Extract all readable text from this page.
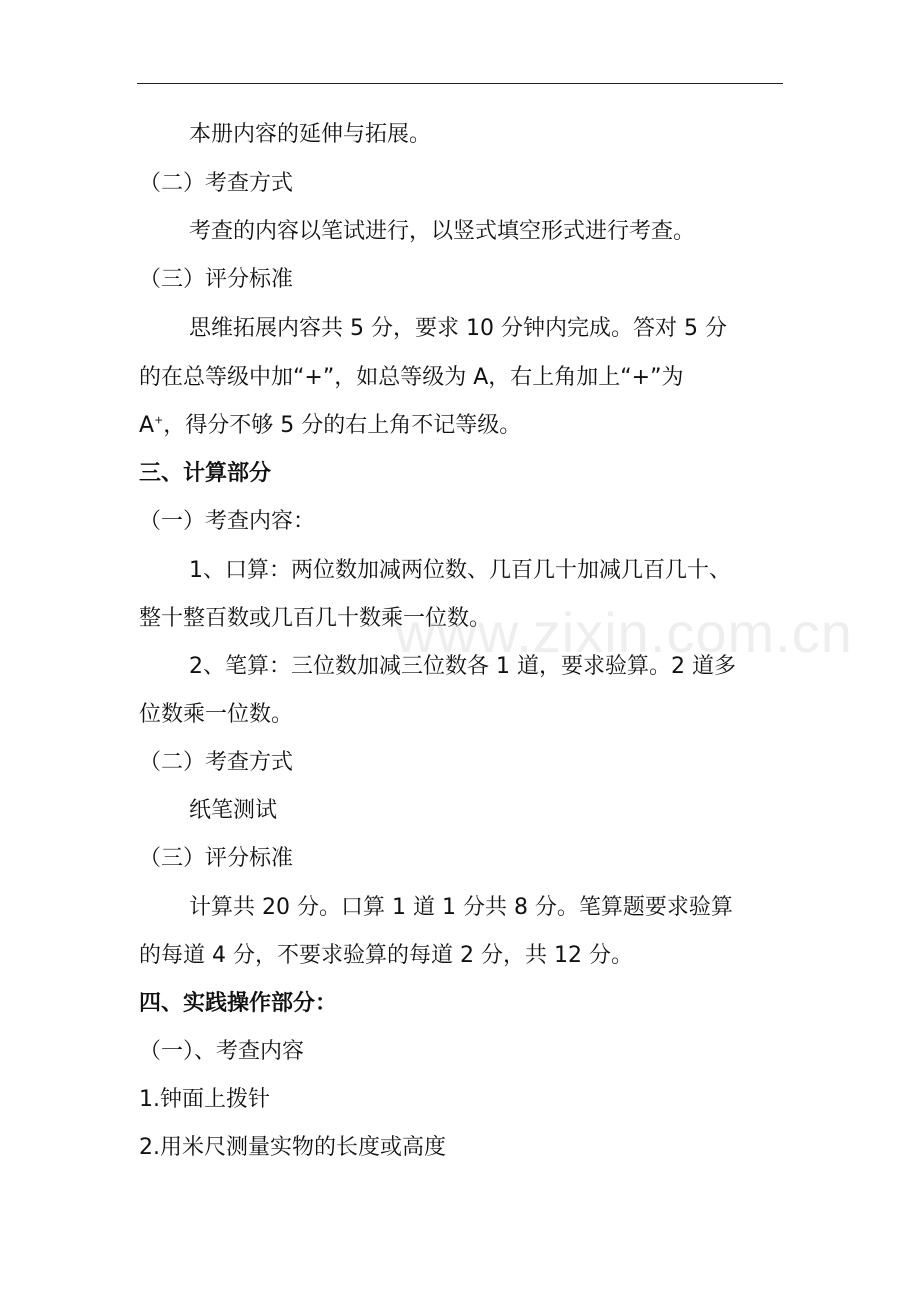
本册内容的延伸与拓展。
（二）考查方式
考查的内容以笔试进行，以竖式填空形式进行考查。
（三）评分标准
思维拓展内容共 5 分，要求 10 分钟内完成。答对 5 分
的在总等级中加“+”，如总等级为 A，右上角加上“+”为
A+，得分不够 5 分的右上角不记等级。
三、计算部分
（一）考查内容：
1、口算：两位数加减两位数、几百几十加减几百几十、
整十整百数或几百几十数乘一位数。
2、笔算：三位数加减三位数各 1 道，要求验算。2 道多
位数乘一位数。
（二）考查方式
纸笔测试
（三）评分标准
计算共 20 分。口算 1 道 1 分共 8 分。笔算题要求验算
的每道 4 分，不要求验算的每道 2 分，共 12 分。
四、实践操作部分：
（一）、考查内容
1.钟面上拨针
2.用米尺测量实物的长度或高度
www.zixin.com.cn
